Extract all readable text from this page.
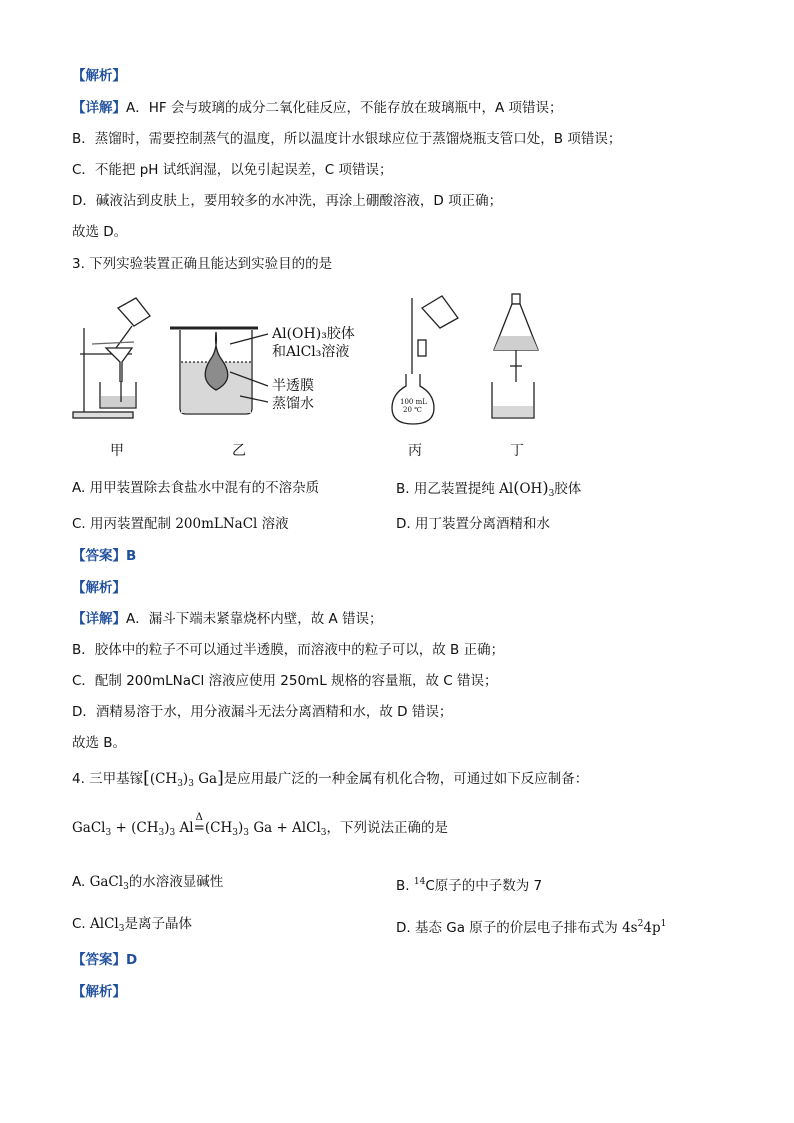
【解析】
【详解】A．HF 会与玻璃的成分二氧化硅反应，不能存放在玻璃瓶中，A 项错误；
B．蒸馏时，需要控制蒸气的温度，所以温度计水银球应位于蒸馏烧瓶支管口处，B 项错误；
C．不能把 pH 试纸润湿，以免引起误差，C 项错误；
D．碱液沾到皮肤上，要用较多的水冲洗，再涂上硼酸溶液，D 项正确；
故选 D。
3. 下列实验装置正确且能达到实验目的的是
Al(OH)₃胶体
和AlCl₃溶液
半透膜
蒸馏水	100 mL
20 ℃
甲	乙	丙	丁
A. 用甲装置除去食盐水中混有的不溶杂质	B. 用乙装置提纯 $Al(OH)_3$胶体
C. 用丙装置配制 200mLNaCl 溶液	D. 用丁装置分离酒精和水
【答案】B
【解析】
【详解】A．漏斗下端未紧靠烧杯内壁，故 A 错误；
B．胶体中的粒子不可以通过半透膜，而溶液中的粒子可以，故 B 正确；
C．配制 200mLNaCl 溶液应使用 250mL 规格的容量瓶，故 C 错误；
D．酒精易溶于水，用分液漏斗无法分离酒精和水，故 D 错误；
故选 B。
4. 三甲基镓[$(CH_3)_3$ Ga]是应用最广泛的一种金属有机化合物，可通过如下反应制备：
GaCl$_3$ + $(CH_3)_3$ Al
Δ
$=(CH_3)_3$ Ga + AlCl$_3$，下列说法正确的是
A. GaCl$_3$的水溶液显碱性	B. $^{14}$C原子的中子数为 7
C. AlCl$_3$是离子晶体	D. 基态 Ga 原子的价层电子排布式为 $4s^24p^1$
【答案】D
【解析】
